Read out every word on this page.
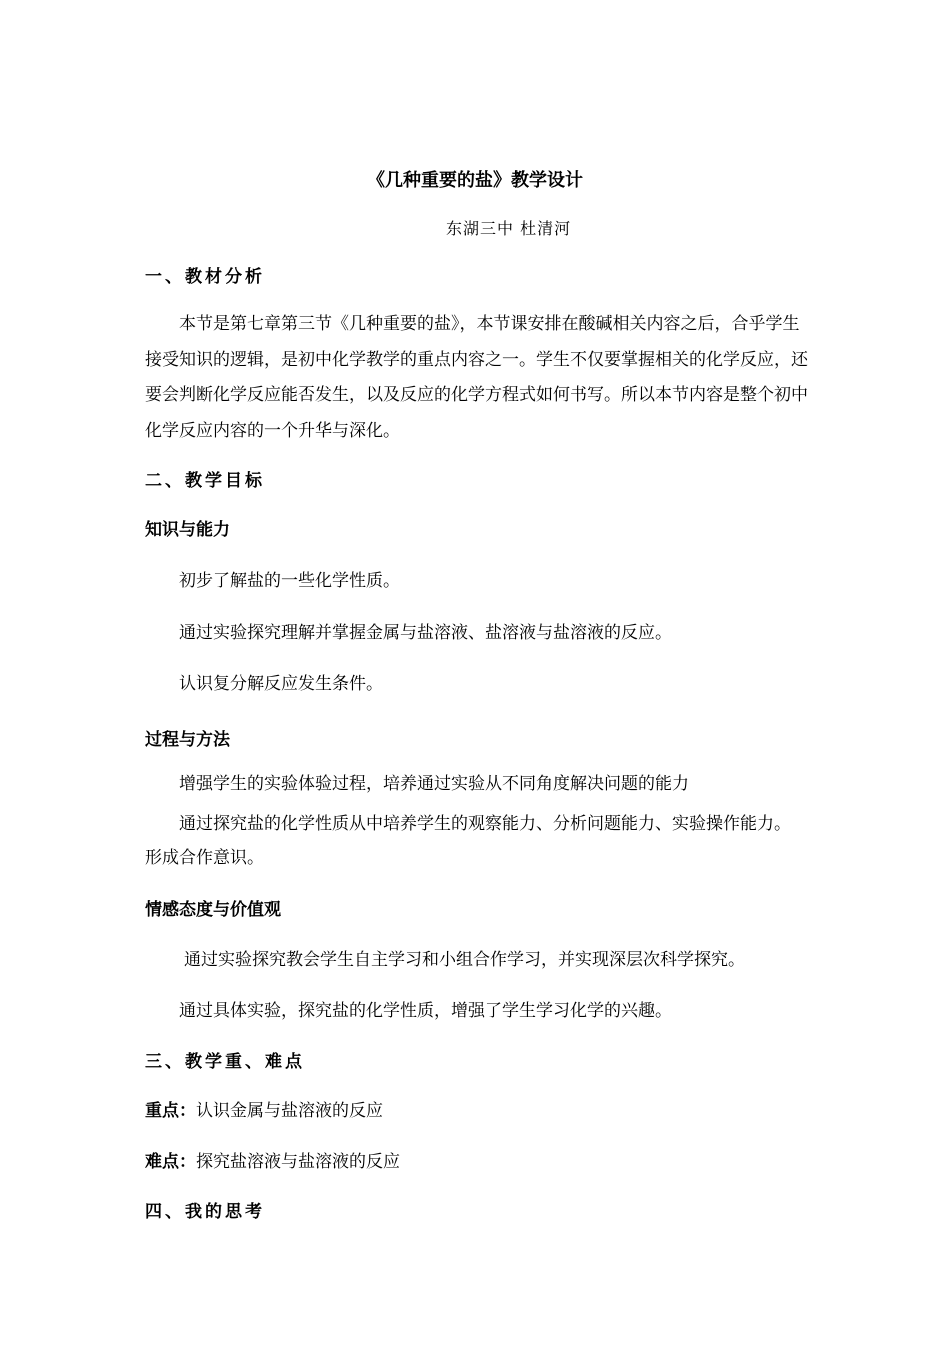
《几种重要的盐》教学设计
东湖三中 杜清河
一、教材分析
本节是第七章第三节《几种重要的盐》，本节课安排在酸碱相关内容之后，合乎学生接受知识的逻辑，是初中化学教学的重点内容之一。学生不仅要掌握相关的化学反应，还要会判断化学反应能否发生，以及反应的化学方程式如何书写。所以本节内容是整个初中化学反应内容的一个升华与深化。
二、教学目标
知识与能力
初步了解盐的一些化学性质。
通过实验探究理解并掌握金属与盐溶液、盐溶液与盐溶液的反应。
认识复分解反应发生条件。
过程与方法
增强学生的实验体验过程，培养通过实验从不同角度解决问题的能力
通过探究盐的化学性质从中培养学生的观察能力、分析问题能力、实验操作能力。
形成合作意识。
情感态度与价值观
通过实验探究教会学生自主学习和小组合作学习，并实现深层次科学探究。
通过具体实验，探究盐的化学性质，增强了学生学习化学的兴趣。
三、教学重、难点
重点：认识金属与盐溶液的反应
难点：探究盐溶液与盐溶液的反应
四、我的思考
